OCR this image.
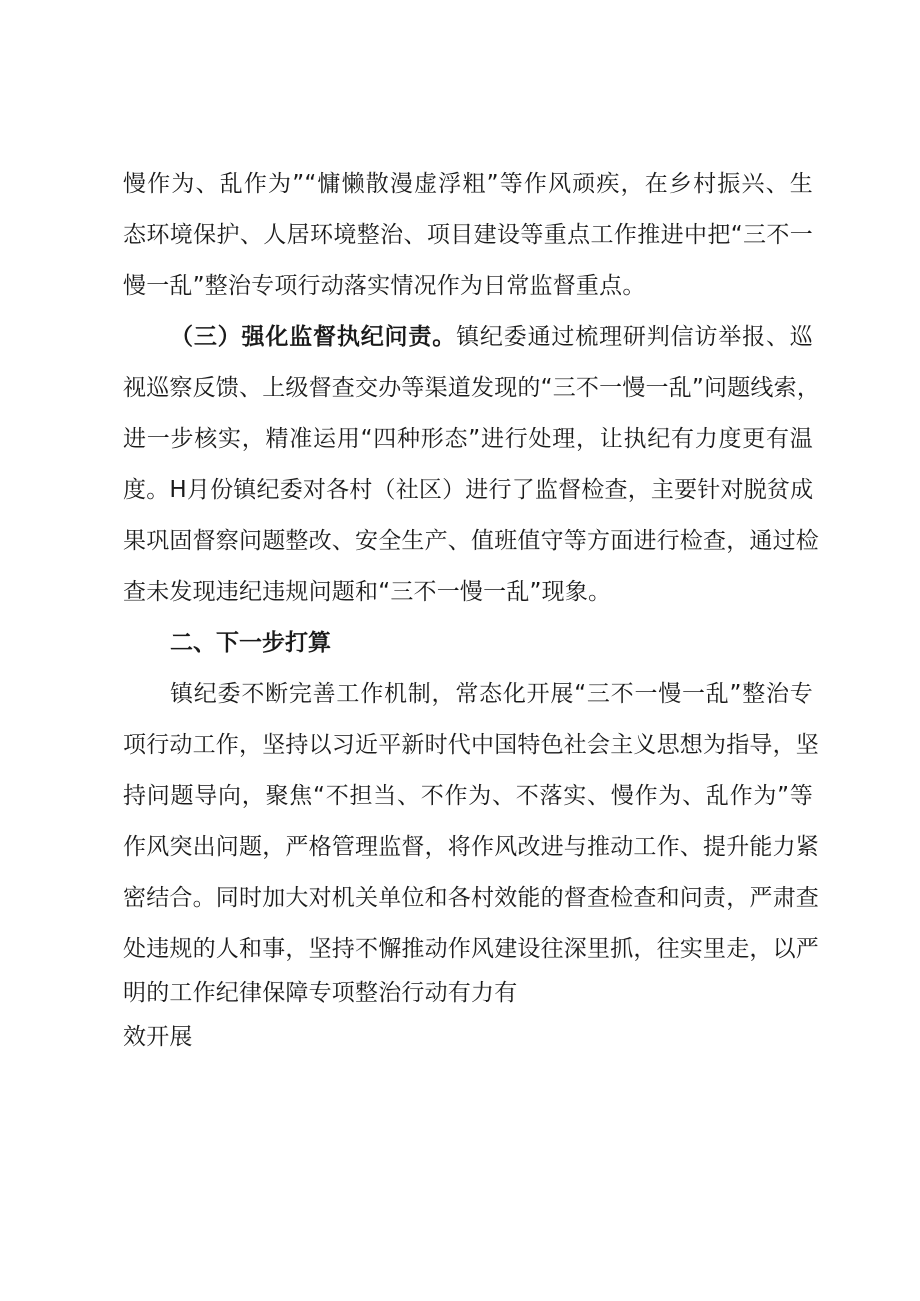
慢作为、乱作为”“慵懒散漫虚浮粗”等作风顽疾，在乡村振兴、生
态环境保护、人居环境整治、项目建设等重点工作推进中把“三不一
慢一乱”整治专项行动落实情况作为日常监督重点。
（三）强化监督执纪问责。镇纪委通过梳理研判信访举报、巡
视巡察反馈、上级督查交办等渠道发现的“三不一慢一乱”问题线索，
进一步核实，精准运用“四种形态”进行处理，让执纪有力度更有温
度。H月份镇纪委对各村（社区）进行了监督检查，主要针对脱贫成
果巩固督察问题整改、安全生产、值班值守等方面进行检查，通过检
查未发现违纪违规问题和“三不一慢一乱”现象。
二、下一步打算
镇纪委不断完善工作机制，常态化开展“三不一慢一乱”整治专
项行动工作，坚持以习近平新时代中国特色社会主义思想为指导，坚
持问题导向，聚焦“不担当、不作为、不落实、慢作为、乱作为”等
作风突出问题，严格管理监督，将作风改进与推动工作、提升能力紧
密结合。同时加大对机关单位和各村效能的督查检查和问责，严肃查
处违规的人和事，坚持不懈推动作风建设往深里抓，往实里走，以严
明的工作纪律保障专项整治行动有力有
效开展
